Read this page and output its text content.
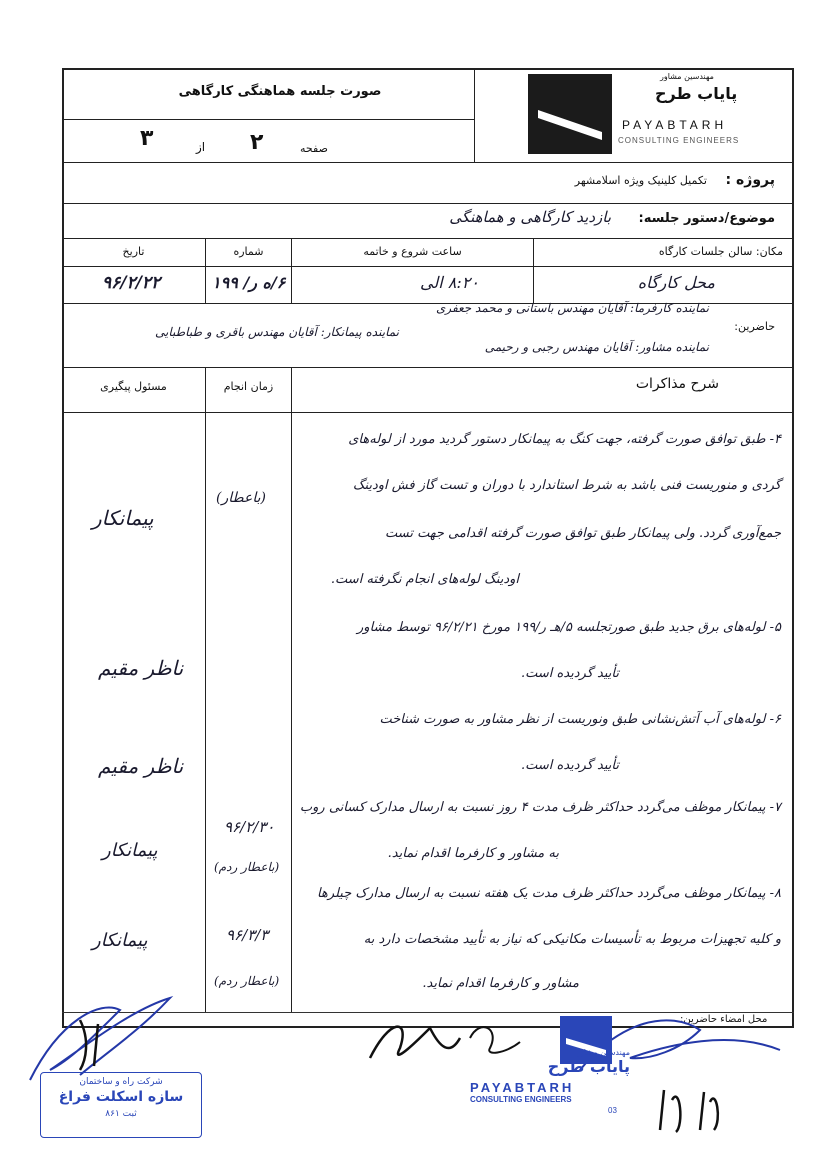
صورت جلسه هماهنگی کارگاهی
صفحه
۲
از
۳
مهندسین مشاور
پایاب طرح
PAYABTARH
CONSULTING ENGINEERS
پروژه :
تکمیل کلینیک ویژه اسلامشهر
موضوع/دستور جلسه:
بازدید کارگاهی و هماهنگی
مکان: سالن جلسات کارگاه
ساعت شروع و خاتمه
شماره
تاریخ
محل کارگاه
۸:۲۰ الی
۶/ه ر/ ۱۹۹
۹۶/۲/۲۲
حاضرین:
نماینده کارفرما: آقایان مهندس باستانی و محمد جعفری
نماینده پیمانکار: آقایان مهندس باقری و طباطبایی
نماینده مشاور: آقایان مهندس رجبی و رحیمی
شرح مذاکرات
زمان انجام
مسئول پیگیری
۴- طبق توافق صورت گرفته، جهت کنگ به پیمانکار دستور گردید مورد از لوله‌های
گردی و منوریست فنی باشد به شرط استاندارد با دوران و تست گاز فش اودینگ
جمع‌آوری گردد. ولی پیمانکار طبق توافق صورت گرفته اقدامی جهت تست
اودینگ لوله‌های انجام نگرفته است.
(با‌عطار)
پیمانکار
۵- لوله‌های برق جدید طبق صورتجلسه ۵/هـ ر/۱۹۹ مورخ ۹۶/۲/۲۱ توسط مشاور
تأیید گردیده است.
ناظر مقیم
۶- لوله‌های آب آتش‌نشانی طبق ونوریست از نظر مشاور به صورت شناخت
تأیید گردیده است.
ناظر مقیم
۷- پیمانکار موظف می‌گردد حداکثر ظرف مدت ۴ روز نسبت به ارسال مدارک کسانی روب
به مشاور و کارفرما اقدام نماید.
۹۶/۲/۳۰
(با‌عطار ردم)
پیمانکار
۸- پیمانکار موظف می‌گردد حداکثر ظرف مدت یک هفته نسبت به ارسال مدارک چیلرها
و کلیه تجهیزات مربوط به تأسیسات مکانیکی که نیاز به تأیید مشخصات دارد به
مشاور و کارفرما اقدام نماید.
۹۶/۳/۳
(با‌عطار ردم)
پیمانکار
محل امضاء حاضرین:
شرکت راه و ساختمان
سازه اسکلت فراغ
ثبت ۸۶۱
مهندسین مشاور
پایاب طرح
PAYABTARH
CONSULTING ENGINEERS
03
